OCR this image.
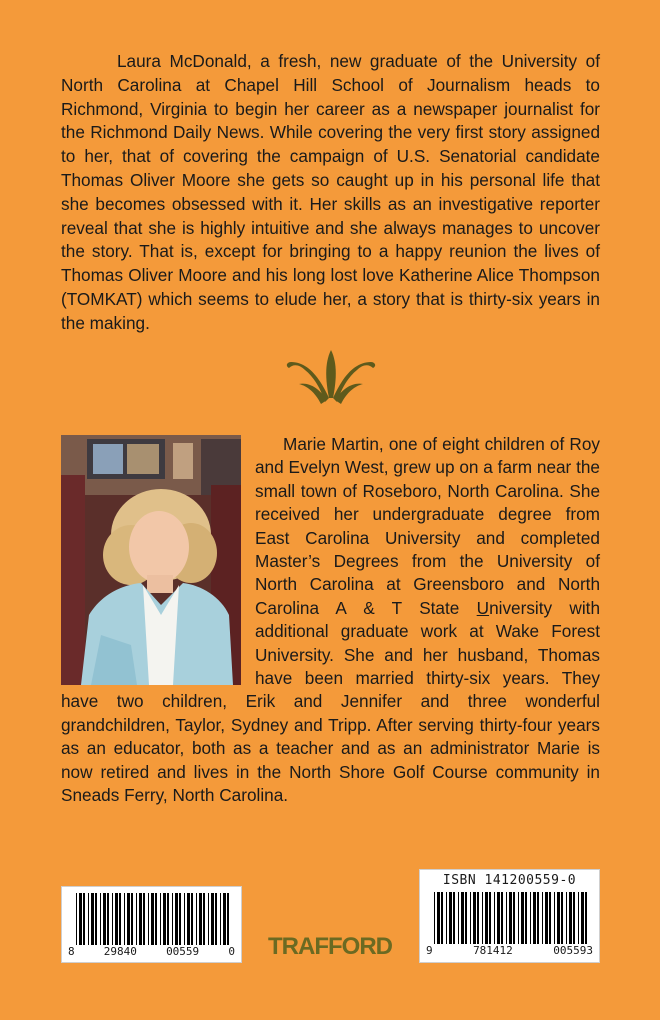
Laura McDonald, a fresh, new graduate of the University of North Carolina at Chapel Hill School of Journalism heads to Richmond, Virginia to begin her career as a newspaper journalist for the Richmond Daily News. While covering the very first story assigned to her, that of covering the campaign of U.S. Senatorial candidate Thomas Oliver Moore she gets so caught up in his personal life that she becomes obsessed with it. Her skills as an investigative reporter reveal that she is highly intuitive and she always manages to uncover the story. That is, except for bringing to a happy reunion the lives of Thomas Oliver Moore and his long lost love Katherine Alice Thompson (TOMKAT) which seems to elude her, a story that is thirty-six years in the making.

Marie Martin, one of eight children of Roy and Evelyn West, grew up on a farm near the small town of Roseboro, North Carolina. She received her undergraduate degree from East Carolina University and completed Master’s Degrees from the University of North Carolina at Greensboro and North Carolina A & T State University with additional graduate work at Wake Forest University. She and her husband, Thomas have been married thirty-six years. They have two children, Erik and Jennifer and three wonderful grandchildren, Taylor, Sydney and Tripp. After serving thirty-four years as an educator, both as a teacher and as an administrator Marie is now retired and lives in the North Shore Golf Course community in Sneads Ferry, North Carolina.

8	29840	00559	0 TRAFFORD
ISBN 141200559-0
9	781412	005593
